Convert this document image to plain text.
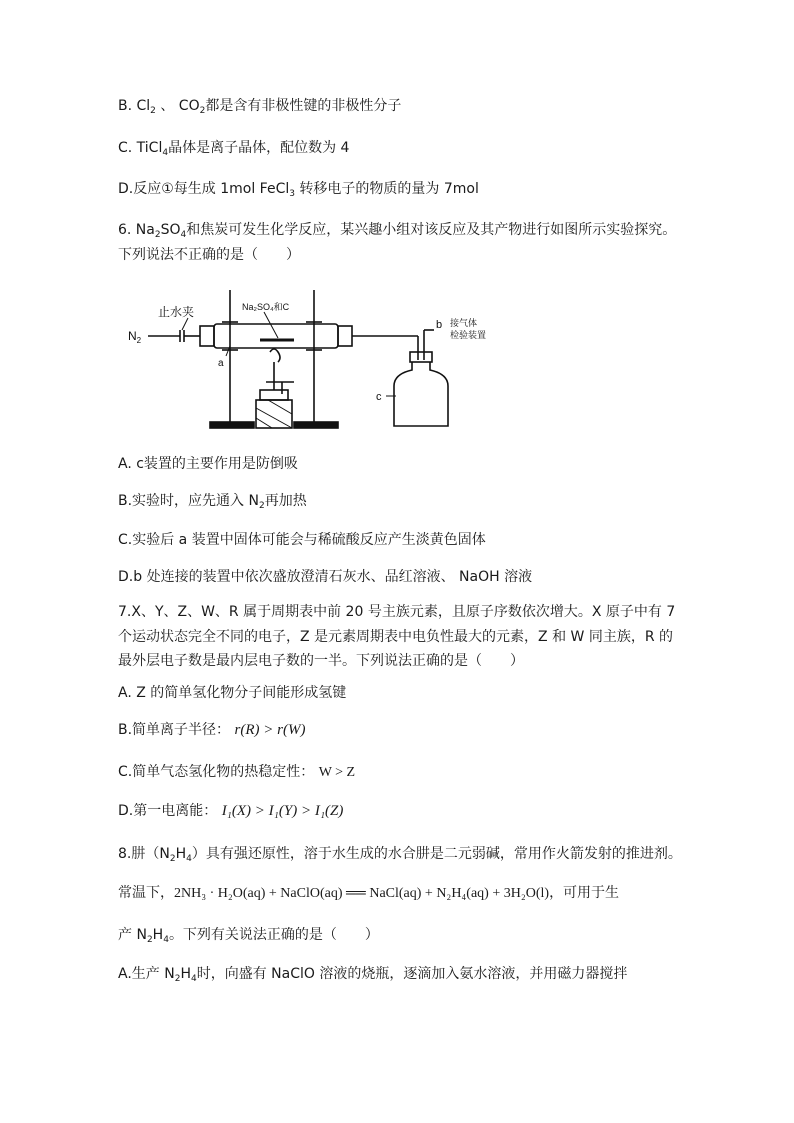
B. $Cl_2$ 、 $CO_2$都是含有非极性键的非极性分子
C. TiCl$_4$晶体是离子晶体，配位数为 4
D.反应①每生成 1mol FeCl$_3$ 转移电子的物质的量为 7mol
6. $Na_2SO_4$和焦炭可发生化学反应，某兴趣小组对该反应及其产物进行如图所示实验探究。
下列说法不正确的是（　　）
止水夹
$N_2$
Na₂SO₄和C
a
b 接气体
检验装置
c
A. c装置的主要作用是防倒吸
B.实验时，应先通入 $N_2$再加热
C.实验后 a 装置中固体可能会与稀硫酸反应产生淡黄色固体
D.b 处连接的装置中依次盛放澄清石灰水、品红溶液、 NaOH 溶液
7.X、Y、Z、W、R 属于周期表中前 20 号主族元素，且原子序数依次增大。X 原子中有 7
个运动状态完全不同的电子，Z 是元素周期表中电负性最大的元素，Z 和 W 同主族，R 的
最外层电子数是最内层电子数的一半。下列说法正确的是（　　）
A. Z 的简单氢化物分子间能形成氢键
B.简单离子半径： r(R) > r(W)
C.简单气态氢化物的热稳定性： W > Z
D.第一电离能： I₁(X) > I₁(Y) > I₁(Z)
8.肼$(N_2H_4)$具有强还原性，溶于水生成的水合肼是二元弱碱，常用作火箭发射的推进剂。
常温下，2NH₃ · H₂O(aq) + NaClO(aq) ══ NaCl(aq) + N₂H₄(aq) + 3H₂O(l)，可用于生
产 $N_2H_4$。下列有关说法正确的是（　　）
A.生产 $N_2H_4$时，向盛有 NaClO 溶液的烧瓶，逐滴加入氨水溶液，并用磁力器搅拌
